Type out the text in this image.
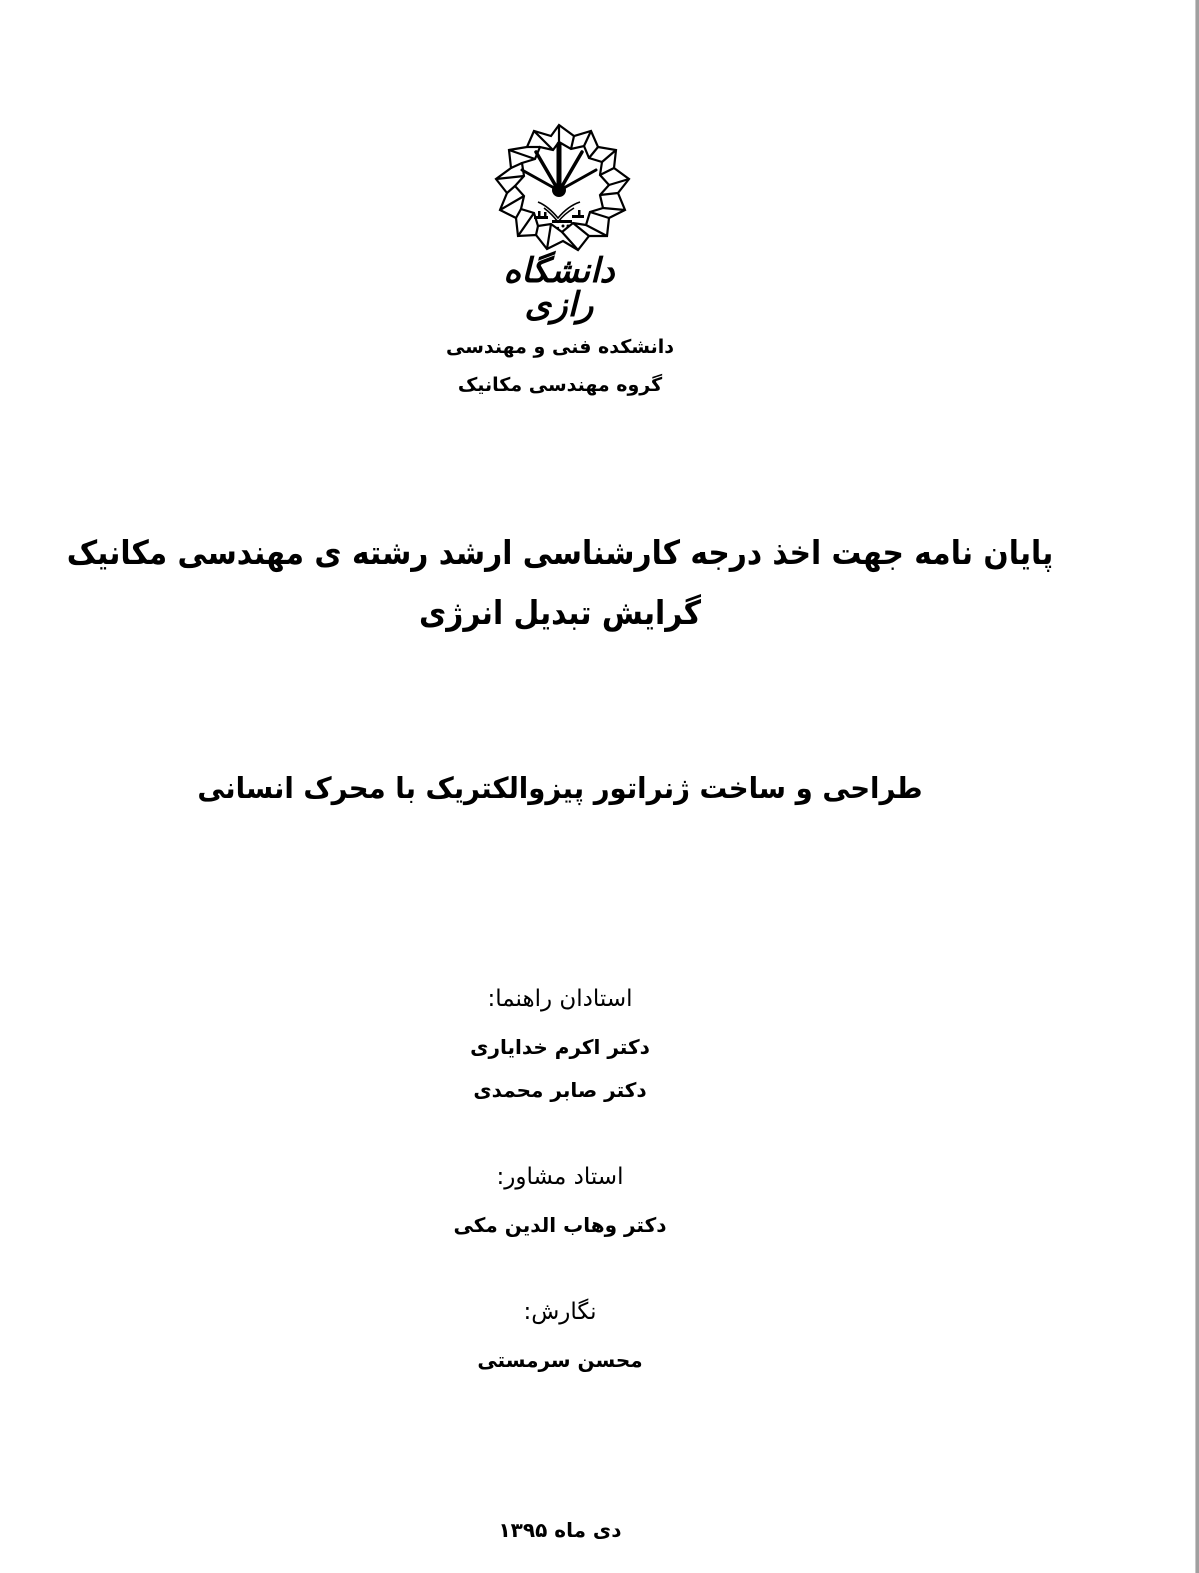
دانشگاه رازی
دانشکده فنی و مهندسی
گروه مهندسی مکانیک
پایان نامه جهت اخذ درجه کارشناسی ارشد رشته ی مهندسی مکانیک
گرایش تبدیل انرژی
طراحی و ساخت ژنراتور پیزوالکتریک با محرک انسانی
استادان راهنما:
دکتر اکرم خدایاری
دکتر صابر محمدی
استاد مشاور:
دکتر وهاب الدین مکی
نگارش:
محسن سرمستی
دی ماه ۱۳۹۵
